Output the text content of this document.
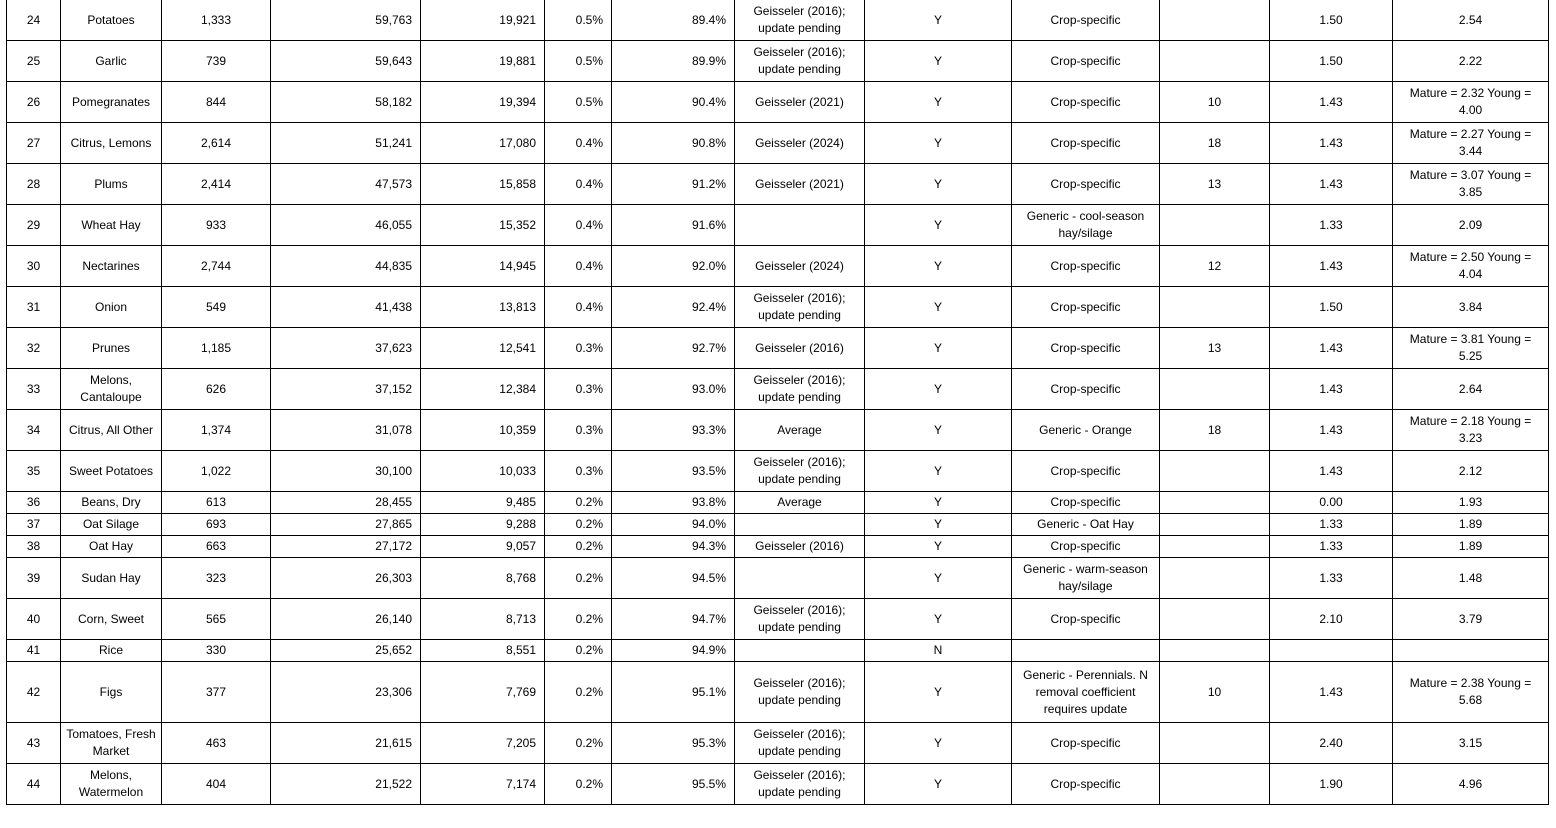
24	Potatoes	1,333	59,763	19,921	0.5%	89.4%	Geisseler (2016); update pending	Y	Crop-specific		1.50	2.54
25	Garlic	739	59,643	19,881	0.5%	89.9%	Geisseler (2016); update pending	Y	Crop-specific		1.50	2.22
26	Pomegranates	844	58,182	19,394	0.5%	90.4%	Geisseler (2021)	Y	Crop-specific	10	1.43	Mature = 2.32 Young = 4.00
27	Citrus, Lemons	2,614	51,241	17,080	0.4%	90.8%	Geisseler (2024)	Y	Crop-specific	18	1.43	Mature = 2.27 Young = 3.44
28	Plums	2,414	47,573	15,858	0.4%	91.2%	Geisseler (2021)	Y	Crop-specific	13	1.43	Mature = 3.07 Young = 3.85
29	Wheat Hay	933	46,055	15,352	0.4%	91.6%		Y	Generic - cool-season hay/silage		1.33	2.09
30	Nectarines	2,744	44,835	14,945	0.4%	92.0%	Geisseler (2024)	Y	Crop-specific	12	1.43	Mature = 2.50 Young = 4.04
31	Onion	549	41,438	13,813	0.4%	92.4%	Geisseler (2016); update pending	Y	Crop-specific		1.50	3.84
32	Prunes	1,185	37,623	12,541	0.3%	92.7%	Geisseler (2016)	Y	Crop-specific	13	1.43	Mature = 3.81 Young = 5.25
33	Melons, Cantaloupe	626	37,152	12,384	0.3%	93.0%	Geisseler (2016); update pending	Y	Crop-specific		1.43	2.64
34	Citrus, All Other	1,374	31,078	10,359	0.3%	93.3%	Average	Y	Generic - Orange	18	1.43	Mature = 2.18 Young = 3.23
35	Sweet Potatoes	1,022	30,100	10,033	0.3%	93.5%	Geisseler (2016); update pending	Y	Crop-specific		1.43	2.12
36	Beans, Dry	613	28,455	9,485	0.2%	93.8%	Average	Y	Crop-specific		0.00	1.93
37	Oat Silage	693	27,865	9,288	0.2%	94.0%		Y	Generic - Oat Hay		1.33	1.89
38	Oat Hay	663	27,172	9,057	0.2%	94.3%	Geisseler (2016)	Y	Crop-specific		1.33	1.89
39	Sudan Hay	323	26,303	8,768	0.2%	94.5%		Y	Generic - warm-season hay/silage		1.33	1.48
40	Corn, Sweet	565	26,140	8,713	0.2%	94.7%	Geisseler (2016); update pending	Y	Crop-specific		2.10	3.79
41	Rice	330	25,652	8,551	0.2%	94.9%		N				
42	Figs	377	23,306	7,769	0.2%	95.1%	Geisseler (2016); update pending	Y	Generic - Perennials. N removal coefficient requires update	10	1.43	Mature = 2.38 Young = 5.68
43	Tomatoes, Fresh Market	463	21,615	7,205	0.2%	95.3%	Geisseler (2016); update pending	Y	Crop-specific		2.40	3.15
44	Melons, Watermelon	404	21,522	7,174	0.2%	95.5%	Geisseler (2016); update pending	Y	Crop-specific		1.90	4.96
